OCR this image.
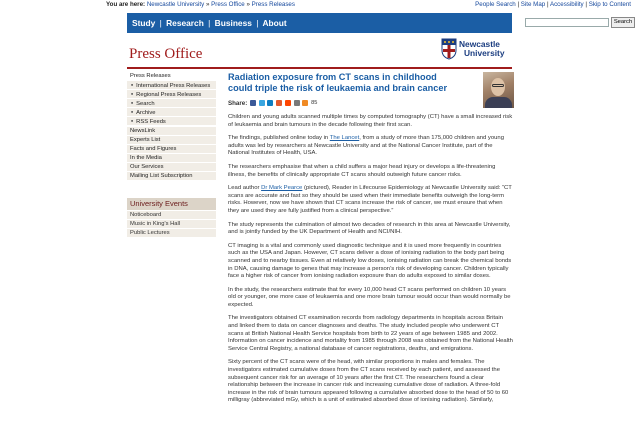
You are here: Newcastle University » Press Office » Press Releases	People Search | Site Map | Accessibility | Skip to Content
Study | Research | Business | About	Search
Press Office
Newcastle
University
Press Releases
■ International Press Releases
■ Regional Press Releases
■ Search
■ Archive
■ RSS Feeds
NewsLink
Experts List
Facts and Figures
In the Media
Our Services
Mailing List Subscription
University Events
Noticeboard
Music in King's Hall
Public Lectures
Radiation exposure from CT scans in childhood could triple the risk of leukaemia and brain cancer
Share:	85

Children and young adults scanned multiple times by computed tomography (CT) have a small increased risk of leukaemia and brain tumours in the decade following their first scan.

The findings, published online today in The Lancet, from a study of more than 175,000 children and young adults was led by researchers at Newcastle University and at the National Cancer Institute, part of the National Institutes of Health, USA.

The researchers emphasise that when a child suffers a major head injury or develops a life-threatening illness, the benefits of clinically appropriate CT scans should outweigh future cancer risks.

Lead author Dr Mark Pearce (pictured), Reader in Lifecourse Epidemiology at Newcastle University said: “CT scans are accurate and fast so they should be used when their immediate benefits outweigh the long-term risks. However, now we have shown that CT scans increase the risk of cancer, we must ensure that when they are used they are fully justified from a clinical perspective.”

The study represents the culmination of almost two decades of research in this area at Newcastle University, and is jointly funded by the UK Department of Health and NCI/NIH.

CT imaging is a vital and commonly used diagnostic technique and it is used more frequently in countries such as the USA and Japan. However, CT scans deliver a dose of ionising radiation to the body part being scanned and to nearby tissues. Even at relatively low doses, ionising radiation can break the chemical bonds in DNA, causing damage to genes that may increase a person’s risk of developing cancer. Children typically face a higher risk of cancer from ionising radiation exposure than do adults exposed to similar doses.

In the study, the researchers estimate that for every 10,000 head CT scans performed on children 10 years old or younger, one more case of leukaemia and one more brain tumour would occur than would normally be expected.

The investigators obtained CT examination records from radiology departments in hospitals across Britain and linked them to data on cancer diagnoses and deaths. The study included people who underwent CT scans at British National Health Service hospitals from birth to 22 years of age between 1985 and 2002. Information on cancer incidence and mortality from 1985 through 2008 was obtained from the National Health Service Central Registry, a national database of cancer registrations, deaths, and emigrations.

Sixty percent of the CT scans were of the head, with similar proportions in males and females. The investigators estimated cumulative doses from the CT scans received by each patient, and assessed the subsequent cancer risk for an average of 10 years after the first CT. The researchers found a clear relationship between the increase in cancer risk and increasing cumulative dose of radiation. A three-fold increase in the risk of brain tumours appeared following a cumulative absorbed dose to the head of 50 to 60 milligray (abbreviated mGy, which is a unit of estimated absorbed dose of ionising radiation). Similarly,
